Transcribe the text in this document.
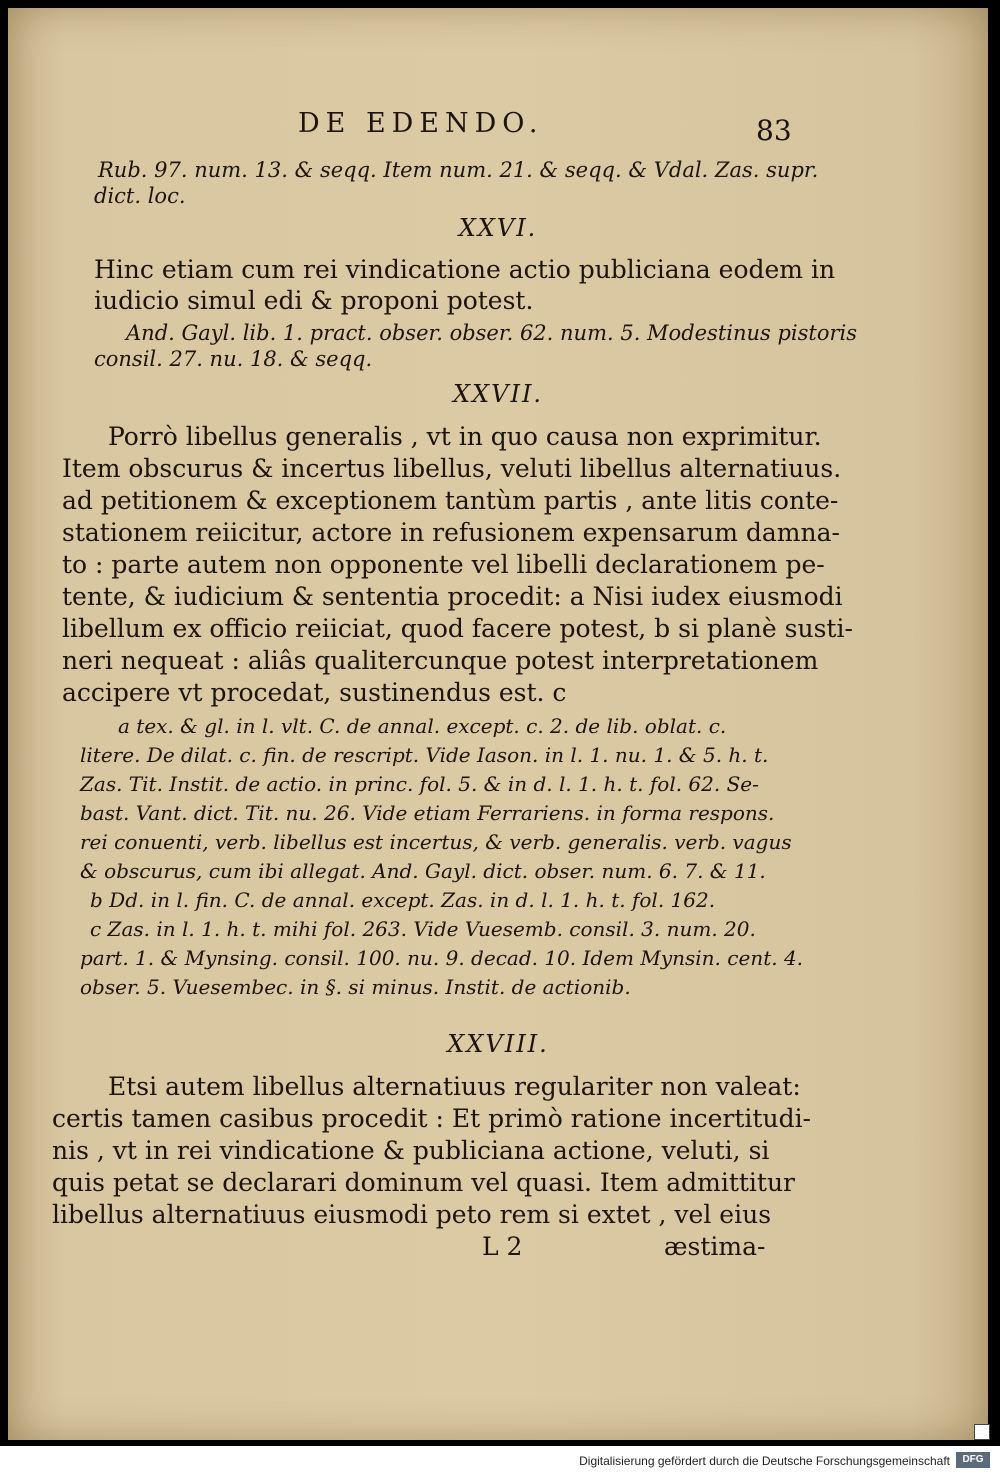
DE EDENDO.	83
Rub. 97. num. 13. & seqq. Item num. 21. & seqq. & Vdal. Zas. supr.
dict. loc.
XXVI.
Hinc etiam cum rei vindicatione actio publiciana eodem in
iudicio simul edi & proponi potest.
And. Gayl. lib. 1. pract. obser. obser. 62. num. 5. Modestinus pistoris
consil. 27. nu. 18. & seqq.
XXVII.
Porrò libellus generalis , vt in quo causa non exprimitur.
Item obscurus & incertus libellus, veluti libellus alternatiuus.
ad petitionem & exceptionem tantùm partis , ante litis conte-
stationem reiicitur, actore in refusionem expensarum damna-
to : parte autem non opponente vel libelli declarationem pe-
tente, & iudicium & sententia procedit: a Nisi iudex eiusmodi
libellum ex officio reiiciat, quod facere potest, b si planè susti-
neri nequeat : aliâs qualitercunque potest interpretationem
accipere vt procedat, sustinendus est. c
a tex. & gl. in l. vlt. C. de annal. except. c. 2. de lib. oblat. c.
litere. De dilat. c. fin. de rescript. Vide Iason. in l. 1. nu. 1. & 5. h. t.
Zas. Tit. Instit. de actio. in princ. fol. 5. & in d. l. 1. h. t. fol. 62. Se-
bast. Vant. dict. Tit. nu. 26. Vide etiam Ferrariens. in forma respons.
rei conuenti, verb. libellus est incertus, & verb. generalis. verb. vagus
& obscurus, cum ibi allegat. And. Gayl. dict. obser. num. 6. 7. & 11.
b Dd. in l. fin. C. de annal. except. Zas. in d. l. 1. h. t. fol. 162.
c Zas. in l. 1. h. t. mihi fol. 263. Vide Vuesemb. consil. 3. num. 20.
part. 1. & Mynsing. consil. 100. nu. 9. decad. 10. Idem Mynsin. cent. 4.
obser. 5. Vuesembec. in §. si minus. Instit. de actionib.
XXVIII.
Etsi autem libellus alternatiuus regulariter non valeat:
certis tamen casibus procedit : Et primò ratione incertitudi-
nis , vt in rei vindicatione & publiciana actione, veluti, si
quis petat se declarari dominum vel quasi. Item admittitur
libellus alternatiuus eiusmodi peto rem si extet , vel eius
L 2	æstima-
Digitalisierung gefördert durch die Deutsche Forschungsgemeinschaft	DFG
